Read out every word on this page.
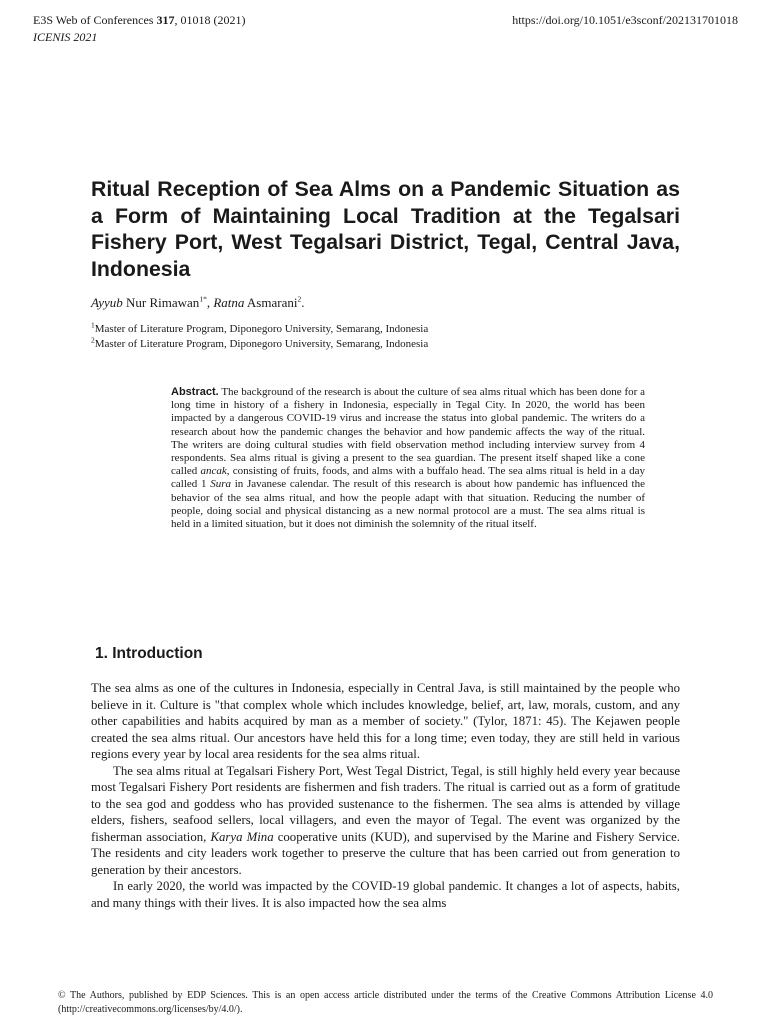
E3S Web of Conferences 317, 01018 (2021)
ICENIS 2021
https://doi.org/10.1051/e3sconf/202131701018
Ritual Reception of Sea Alms on a Pandemic Situation as a Form of Maintaining Local Tradition at the Tegalsari Fishery Port, West Tegalsari District, Tegal, Central Java, Indonesia
Ayyub Nur Rimawan$^{1*}$, Ratna Asmarani$^2$.
$^1$Master of Literature Program, Diponegoro University, Semarang, Indonesia
$^2$Master of Literature Program, Diponegoro University, Semarang, Indonesia

Abstract. The background of the research is about the culture of sea alms ritual which has been done for a long time in history of a fishery in Indonesia, especially in Tegal City. In 2020, the world has been impacted by a dangerous COVID-19 virus and increase the status into global pandemic. The writers do a research about how the pandemic changes the behavior and how pandemic affects the way of the ritual. The writers are doing cultural studies with field observation method including interview survey from 4 respondents. Sea alms ritual is giving a present to the sea guardian. The present itself shaped like a cone called ancak, consisting of fruits, foods, and alms with a buffalo head. The sea alms ritual is held in a day called 1 Sura in Javanese calendar. The result of this research is about how pandemic has influenced the behavior of the sea alms ritual, and how the people adapt with that situation. Reducing the number of people, doing social and physical distancing as a new normal protocol are a must. The sea alms ritual is held in a limited situation, but it does not diminish the solemnity of the ritual itself.

1. Introduction

The sea alms as one of the cultures in Indonesia, especially in Central Java, is still maintained by the people who believe in it. Culture is "that complex whole which includes knowledge, belief, art, law, morals, custom, and any other capabilities and habits acquired by man as a member of society." (Tylor, 1871: 45). The Kejawen people created the sea alms ritual. Our ancestors have held this for a long time; even today, they are still held in various regions every year by local area residents for the sea alms ritual.

The sea alms ritual at Tegalsari Fishery Port, West Tegal District, Tegal, is still highly held every year because most Tegalsari Fishery Port residents are fishermen and fish traders. The ritual is carried out as a form of gratitude to the sea god and goddess who has provided sustenance to the fishermen. The sea alms is attended by village elders, fishers, seafood sellers, local villagers, and even the mayor of Tegal. The event was organized by the fisherman association, Karya Mina cooperative units (KUD), and supervised by the Marine and Fishery Service. The residents and city leaders work together to preserve the culture that has been carried out from generation to generation by their ancestors.

In early 2020, the world was impacted by the COVID-19 global pandemic. It changes a lot of aspects, habits, and many things with their lives. It is also impacted how the sea alms

© The Authors, published by EDP Sciences. This is an open access article distributed under the terms of the Creative Commons Attribution License 4.0 (http://creativecommons.org/licenses/by/4.0/).
